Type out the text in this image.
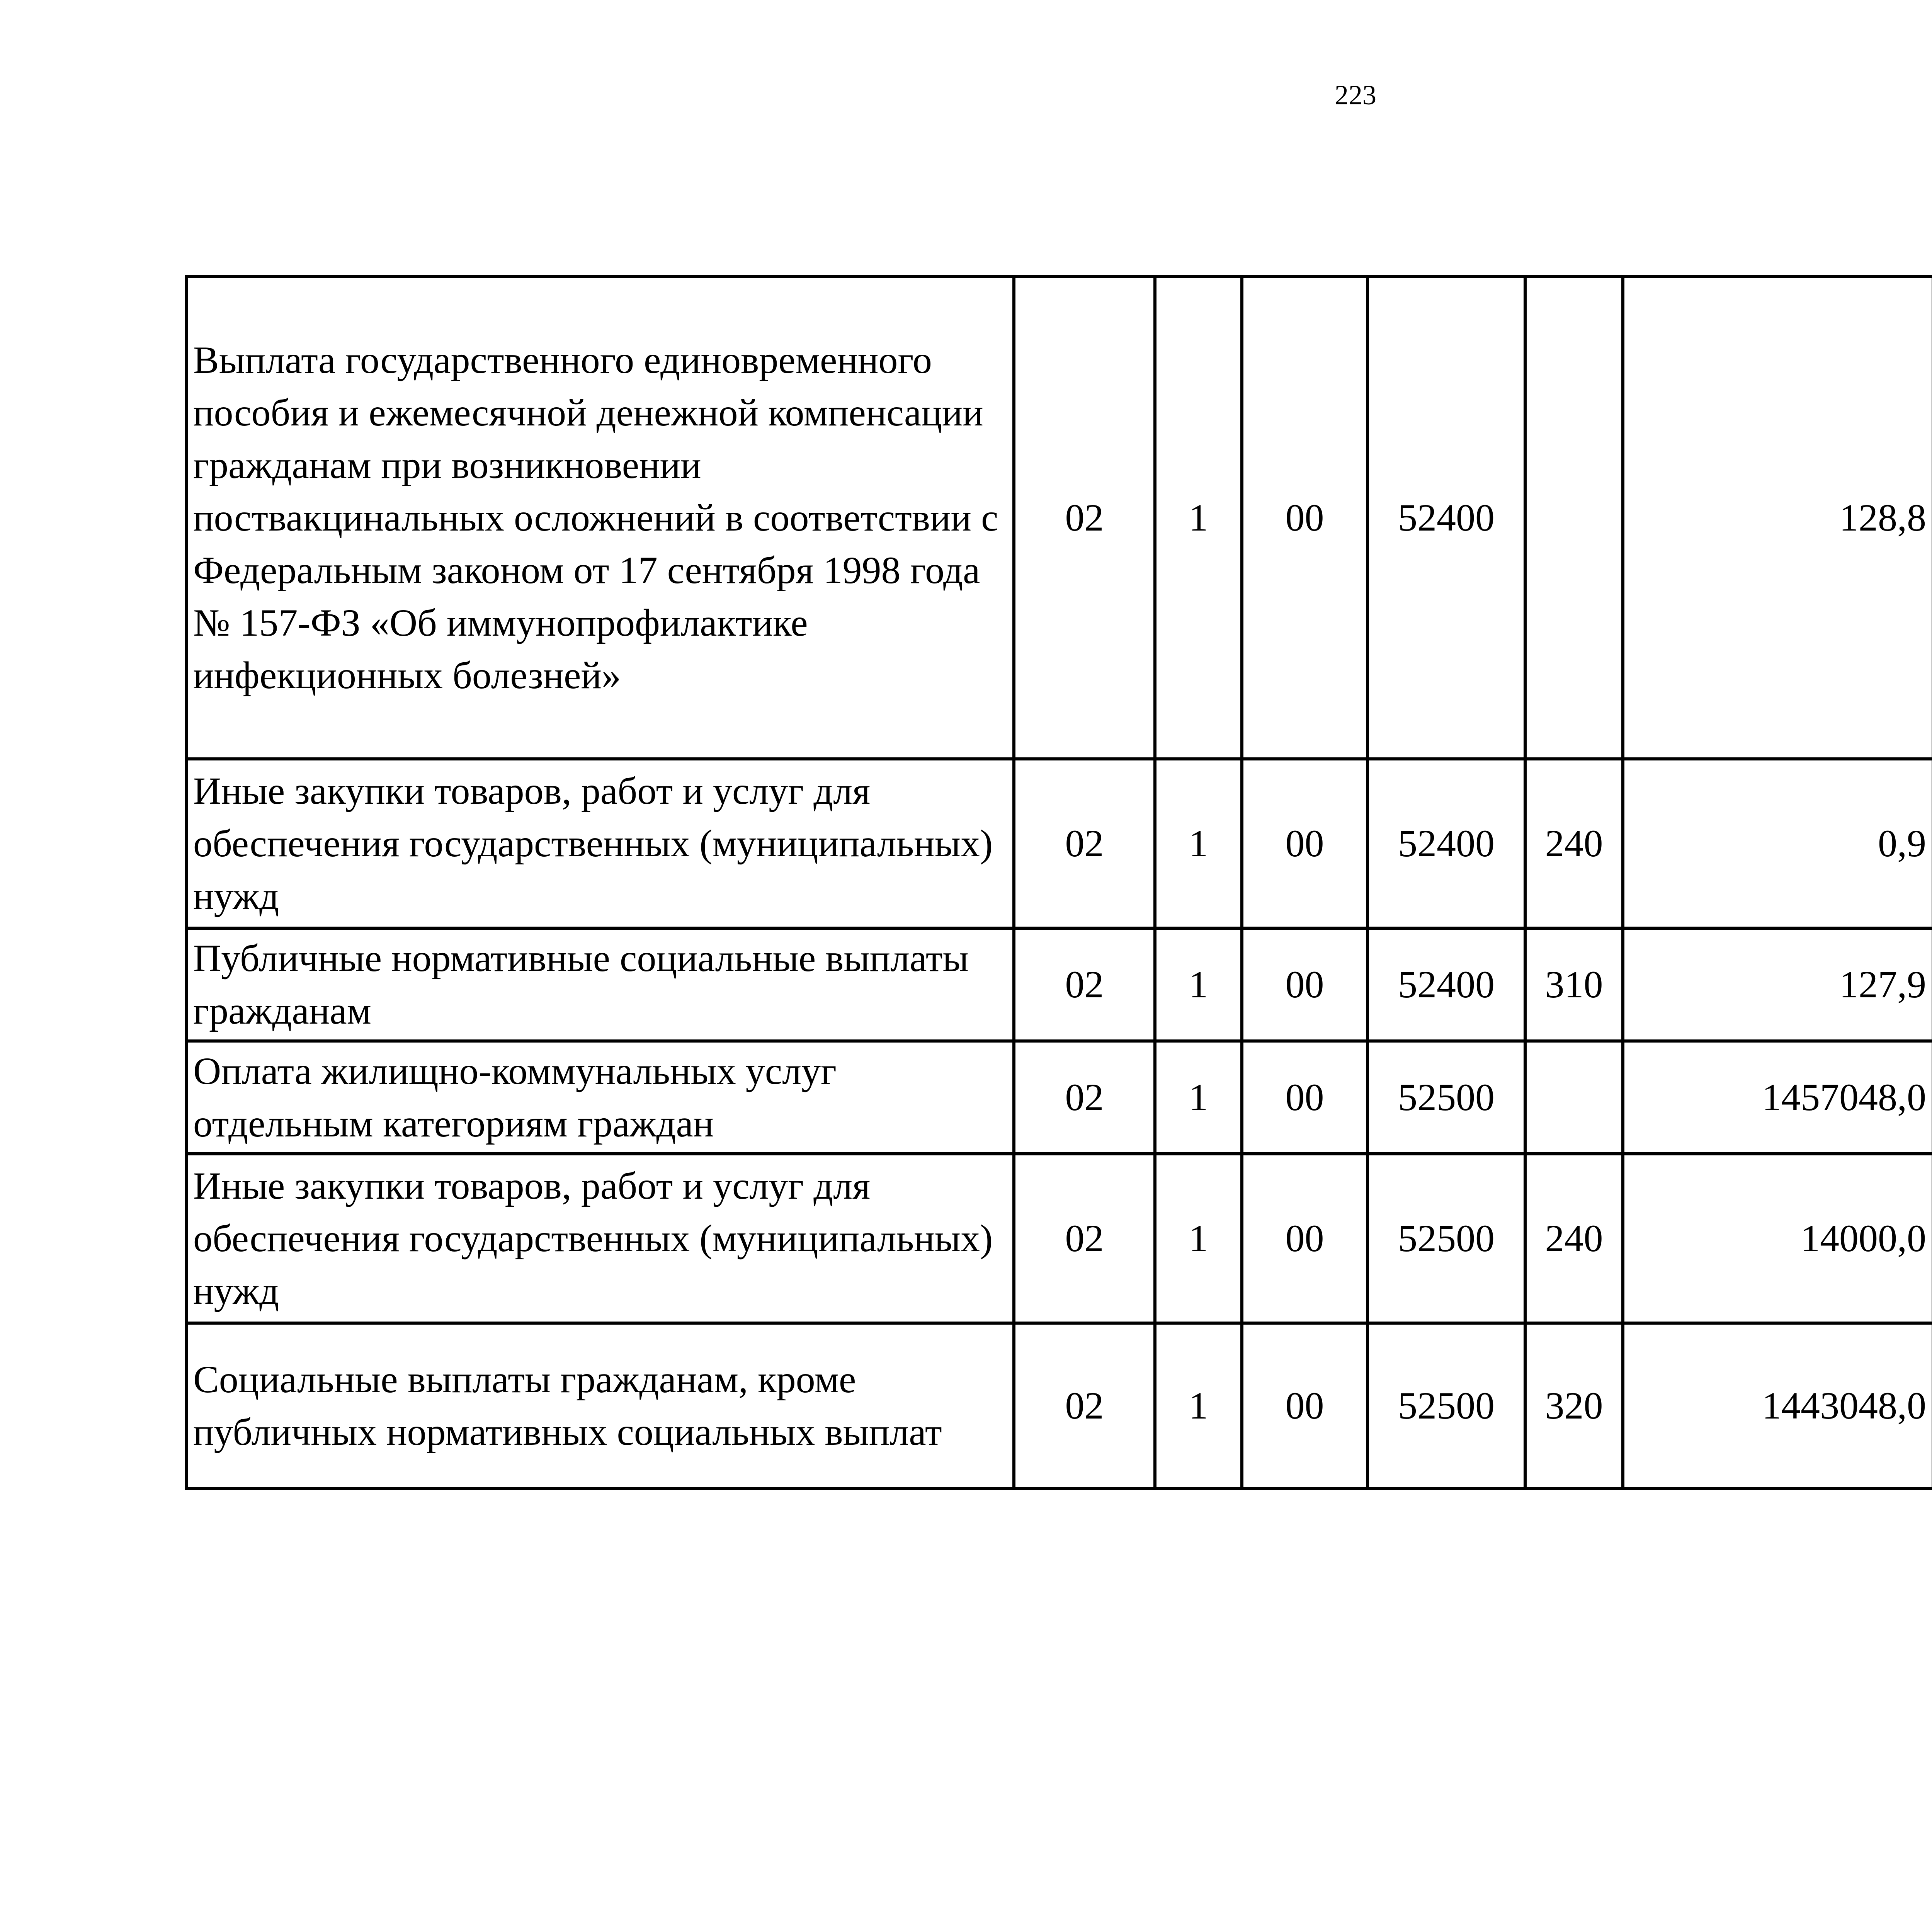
223
Выплата государственного единовременного пособия и ежемесячной денежной компенсации гражданам при возникновении поствакцинальных осложнений в соответствии с Федеральным законом от 17 сентября 1998 года № 157-ФЗ «Об иммунопрофилактике инфекционных болезней»	02	1	00	52400		128,8		
Иные закупки товаров, работ и услуг для обеспечения государственных (муниципальных) нужд	02	1	00	52400	240	0,9		
Публичные нормативные социальные выплаты гражданам	02	1	00	52400	310	127,9		
Оплата жилищно-коммунальных услуг отдельным категориям граждан	02	1	00	52500		1457048,0		
Иные закупки товаров, работ и услуг для обеспечения государственных (муниципальных) нужд	02	1	00	52500	240	14000,0		
Социальные выплаты гражданам, кроме публичных нормативных социальных выплат	02	1	00	52500	320	1443048,0		
